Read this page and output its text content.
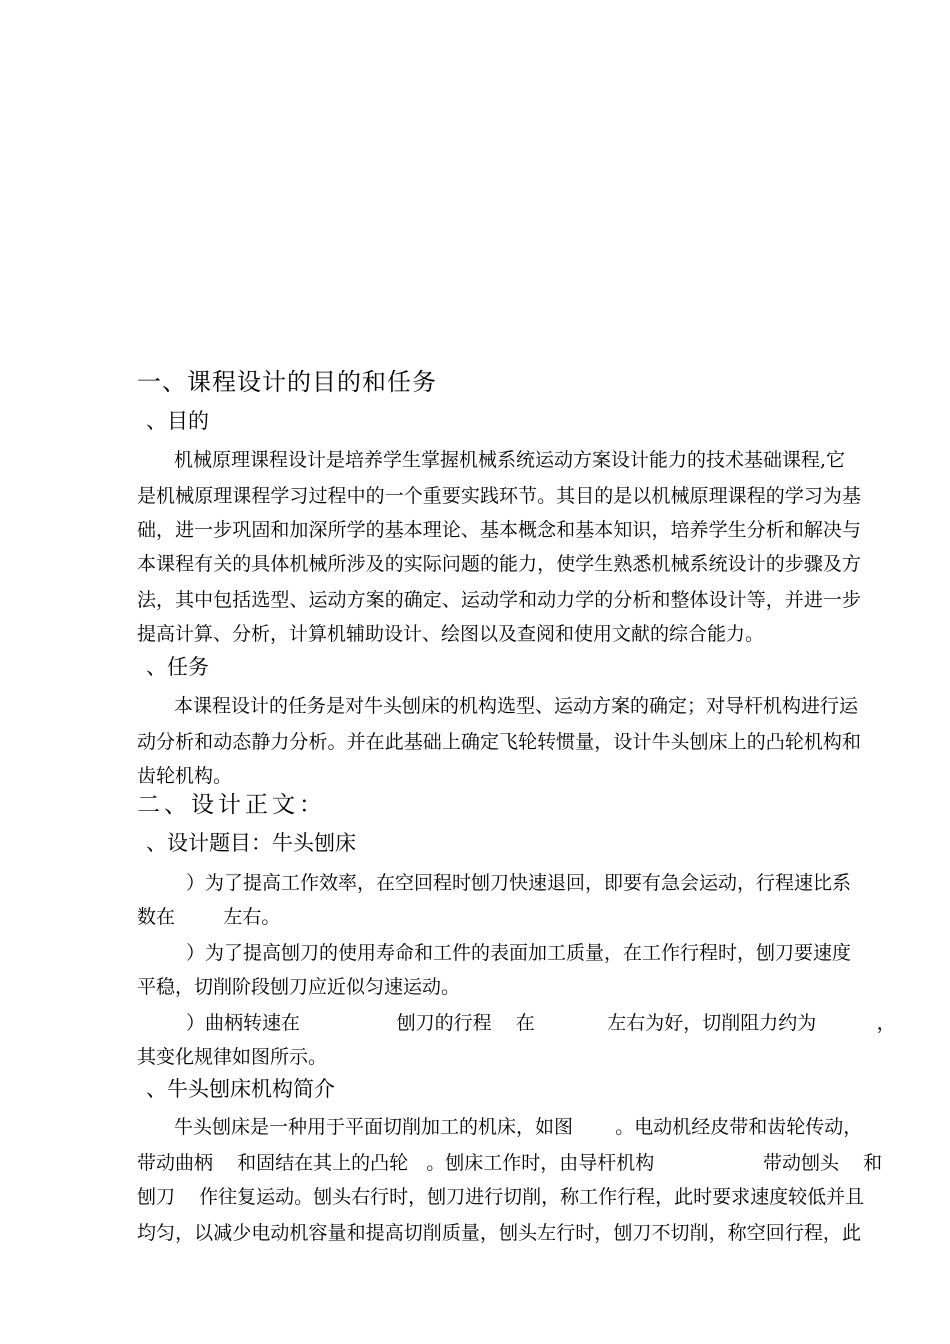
一、课程设计的目的和任务
、目的
机械原理课程设计是培养学生掌握机械系统运动方案设计能力的技术基础课程,它
是机械原理课程学习过程中的一个重要实践环节。其目的是以机械原理课程的学习为基
础，进一步巩固和加深所学的基本理论、基本概念和基本知识，培养学生分析和解决与
本课程有关的具体机械所涉及的实际问题的能力，使学生熟悉机械系统设计的步骤及方
法，其中包括选型、运动方案的确定、运动学和动力学的分析和整体设计等，并进一步
提高计算、分析，计算机辅助设计、绘图以及查阅和使用文献的综合能力。
、任务
本课程设计的任务是对牛头刨床的机构选型、运动方案的确定；对导杆机构进行运
动分析和动态静力分析。并在此基础上确定飞轮转惯量，设计牛头刨床上的凸轮机构和
齿轮机构。
二、设计正文：
、设计题目：牛头刨床
）为了提高工作效率，在空回程时刨刀快速退回，即要有急会运动，行程速比系
数在        左右。
）为了提高刨刀的使用寿命和工件的表面加工质量，在工作行程时，刨刀要速度
平稳，切削阶段刨刀应近似匀速运动。
）曲柄转速在                刨刀的行程    在            左右为好，切削阻力约为          ，
其变化规律如图所示。
、牛头刨床机构简介
牛头刨床是一种用于平面切削加工的机床，如图       。电动机经皮带和齿轮传动，
带动曲柄    和固结在其上的凸轮   。刨床工作时，由导杆机构                  带动刨头    和
刨刀    作往复运动。刨头右行时，刨刀进行切削，称工作行程，此时要求速度较低并且
均匀，以减少电动机容量和提高切削质量，刨头左行时，刨刀不切削，称空回行程，此
